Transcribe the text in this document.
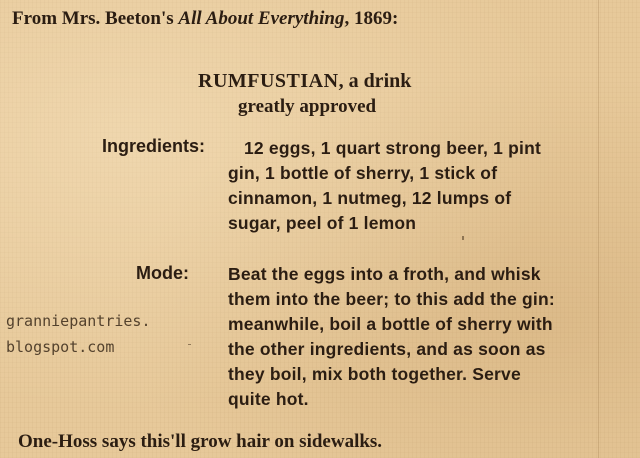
From Mrs. Beeton's All About Everything, 1869:
RUMFUSTIAN, a drink
greatly approved
Ingredients: 12 eggs, 1 quart strong beer, 1 pint
gin, 1 bottle of sherry, 1 stick of
cinnamon, 1 nutmeg, 12 lumps of
sugar, peel of 1 lemon
Mode: Beat the eggs into a froth, and whisk
them into the beer; to this add the gin:
meanwhile, boil a bottle of sherry with
the other ingredients, and as soon as
they boil, mix both together. Serve
quite hot.
granniepantries.
blogspot.com
One-Hoss says this'll grow hair on sidewalks.
